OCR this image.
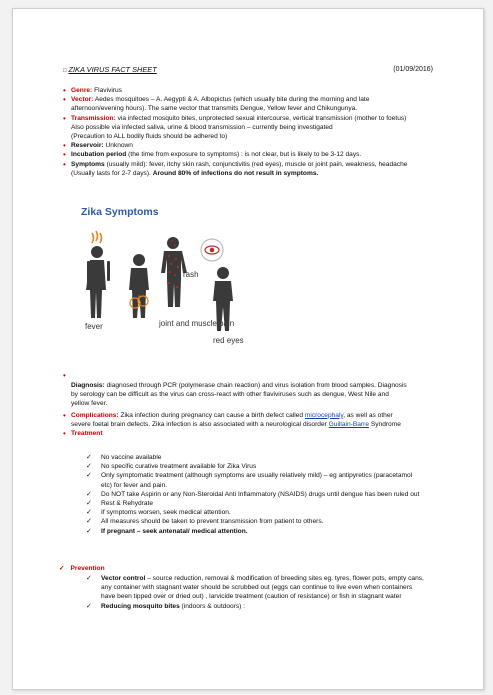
□ ZIKA VIRUS FACT SHEET	(01/09/2016)
• Genre: Flavivirus
• Vector: Aedes mosquitoes – A. Aegypti & A. Albopictus (which usually bite during the morning and late afternoon/evening hours). The same vector that transmits Dengue, Yellow fever and Chikungunya.
• Transmission: via infected mosquito bites, unprotected sexual intercourse, vertical transmission (mother to foetus)
Also possible via infected saliva, urine & blood transmission – currently being investigated
(Precaution to ALL bodily fluids should be adhered to)
• Reservoir: Unknown
• Incubation period (the time from exposure to symptoms) : is not clear, but is likely to be 3-12 days.
• Symptoms (usually mild): fever, itchy skin rash, conjunctivitis (red eyes), muscle or joint pain, weakness, headache (Usually lasts for 2-7 days). Around 80% of infections do not result in symptoms.
Zika Symptoms
fever
rash
joint and muscle pain
red eyes
•
Diagnosis: diagnosed through PCR (polymerase chain reaction) and virus isolation from blood samples. Diagnosis by serology can be difficult as the virus can cross-react with other flaviviruses such as dengue, West Nile and yellow fever.
• Complications: Zika infection during pregnancy can cause a birth defect called microcephaly, as well as other severe foetal brain defects. Zika infection is also associated with a neurological disorder Guillain-Barre Syndrome
• Treatment
✓ No vaccine available
✓ No specific curative treatment available for Zika Virus
✓ Only symptomatic treatment (although symptoms are usually relatively mild) – eg antipyretics (paracetamol etc) for fever and pain.
✓ Do NOT take Aspirin or any Non-Steroidal Anti Inflammatory (NSAIDS) drugs until dengue has been ruled out
✓ Rest & Rehydrate
✓ If symptoms worsen, seek medical attention.
✓ All measures should be taken to prevent transmission from patient to others.
✓ If pregnant – seek antenatal/ medical attention.
✓ Prevention
✓ Vector control – source reduction, removal & modification of breeding sites eg. tyres, flower pots, empty cans, any container with stagnant water should be scrubbed out (eggs can continue to live even when containers have been tipped over or dried out) , larvicide treatment (caution of resistance) or fish in stagnant water
✓ Reducing mosquito bites (indoors & outdoors) :
